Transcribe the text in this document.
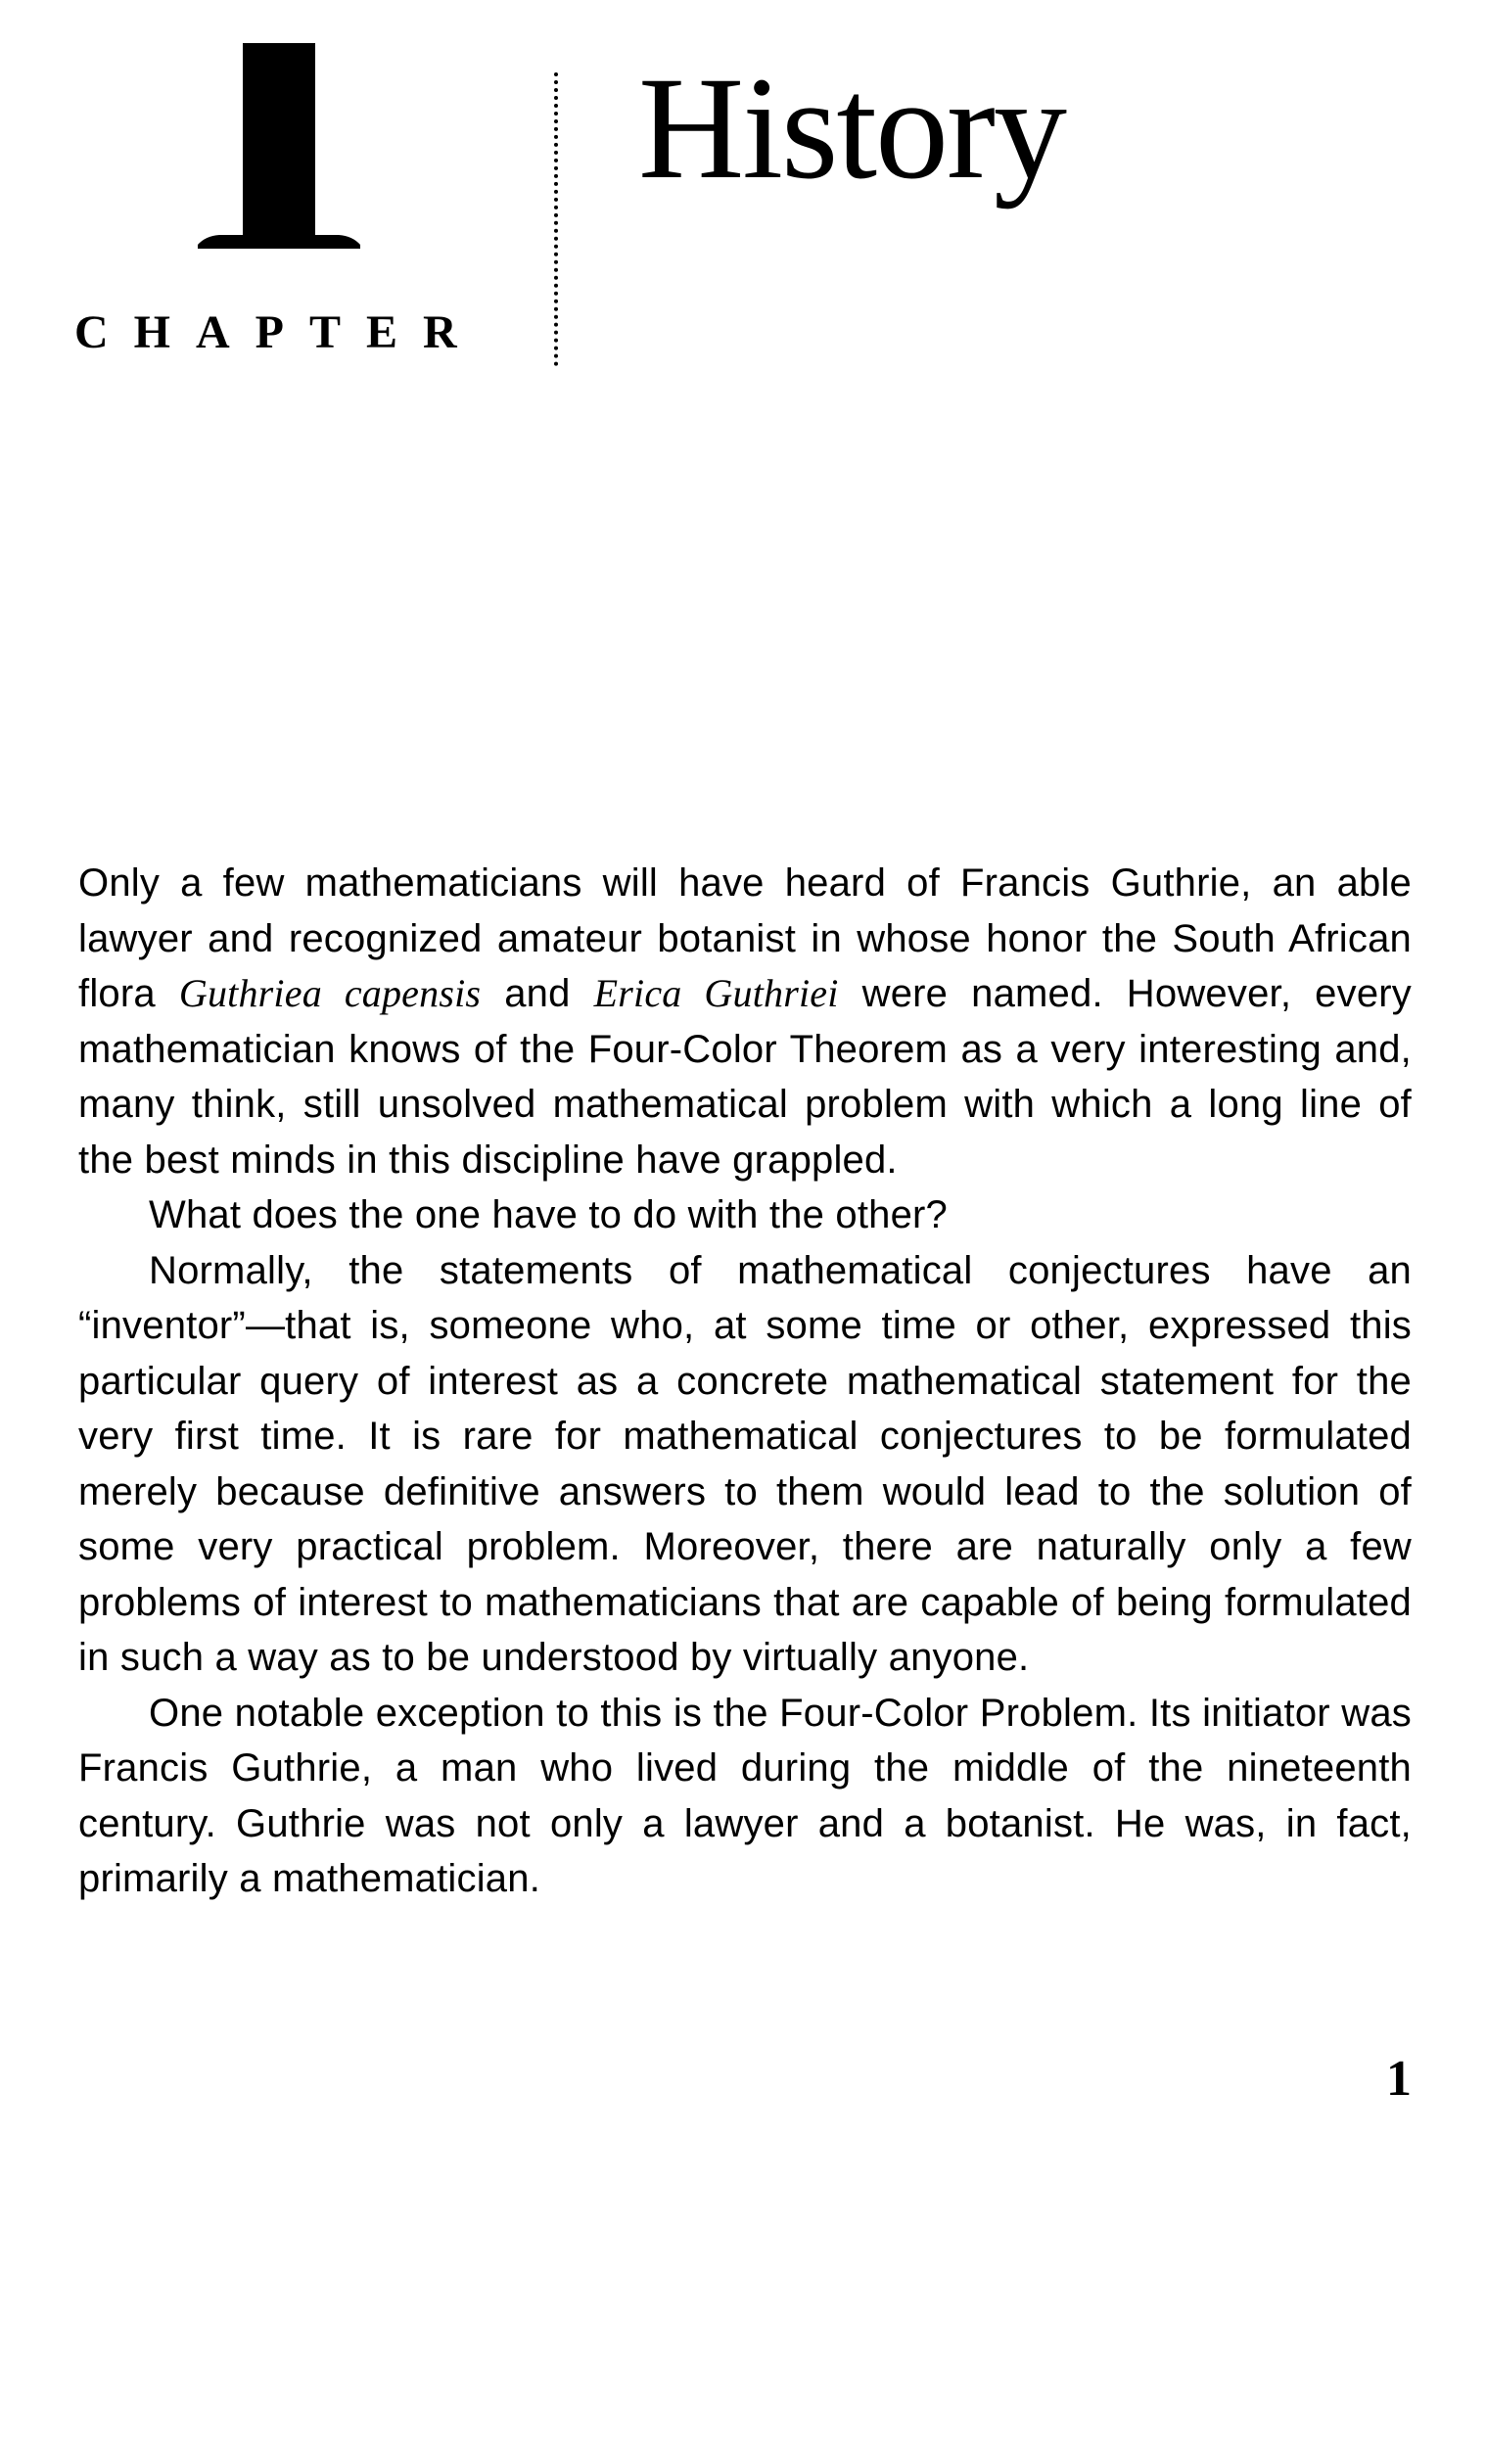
CHAPTER
History

Only a few mathematicians will have heard of Francis Guthrie, an able lawyer and recognized amateur botanist in whose honor the South African flora Guthriea capensis and Erica Guthriei were named. However, every mathematician knows of the Four-Color Theorem as a very interesting and, many think, still unsolved mathematical problem with which a long line of the best minds in this discipline have grappled.

What does the one have to do with the other?

Normally, the statements of mathematical conjectures have an “inventor”—that is, someone who, at some time or other, expressed this particular query of interest as a concrete mathematical statement for the very first time. It is rare for mathematical conjectures to be formulated merely because definitive answers to them would lead to the solution of some very practical problem. Moreover, there are naturally only a few problems of interest to mathematicians that are capable of being formulated in such a way as to be understood by virtually anyone.

One notable exception to this is the Four-Color Problem. Its initiator was Francis Guthrie, a man who lived during the middle of the nineteenth century. Guthrie was not only a lawyer and a botanist. He was, in fact, primarily a mathematician.

1
